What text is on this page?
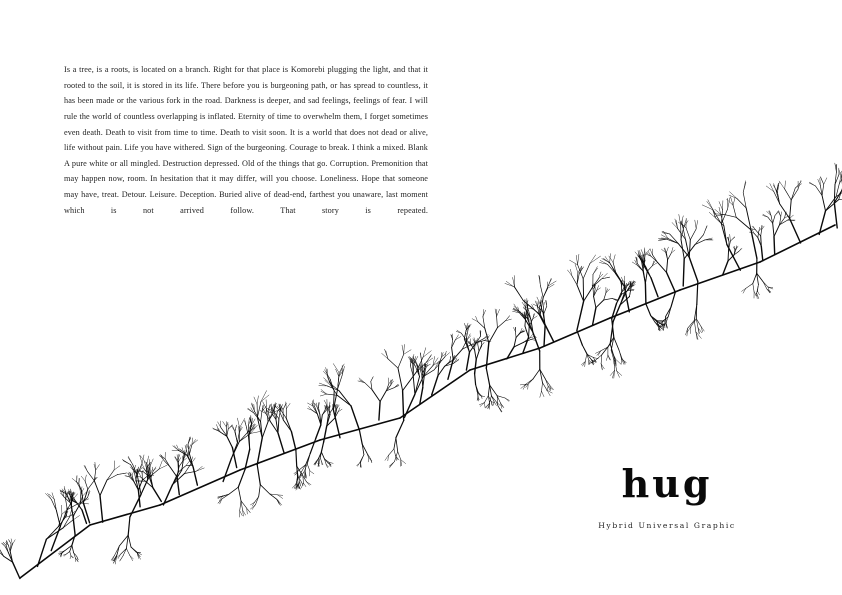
Is a tree, is a roots, is located on a branch. Right for that place is Komorebi plugging the light, and that it rooted to the soil, it is stored in its life. There before you is burgeoning path, or has spread to countless, it has been made or the various fork in the road. Darkness is deeper, and sad feelings, feelings of fear. I will rule the world of countless overlapping is inflated. Eternity of time to overwhelm them, I forget sometimes even death. Death to visit from time to time. Death to visit soon. It is a world that does not dead or alive, life without pain. Life you have withered. Sign of the burgeoning. Courage to break. I think a mixed. Blank A pure white or all mingled. Destruction depressed. Old of the things that go. Corruption. Premonition that may happen now, room. In hesitation that it may differ, will you choose. Loneliness. Hope that someone may have, treat. Detour. Leisure. Deception. Buried alive of dead-end, farthest you unaware, last moment which is not arrived follow. That story is repeated.

hug
Hybrid Universal Graphic
